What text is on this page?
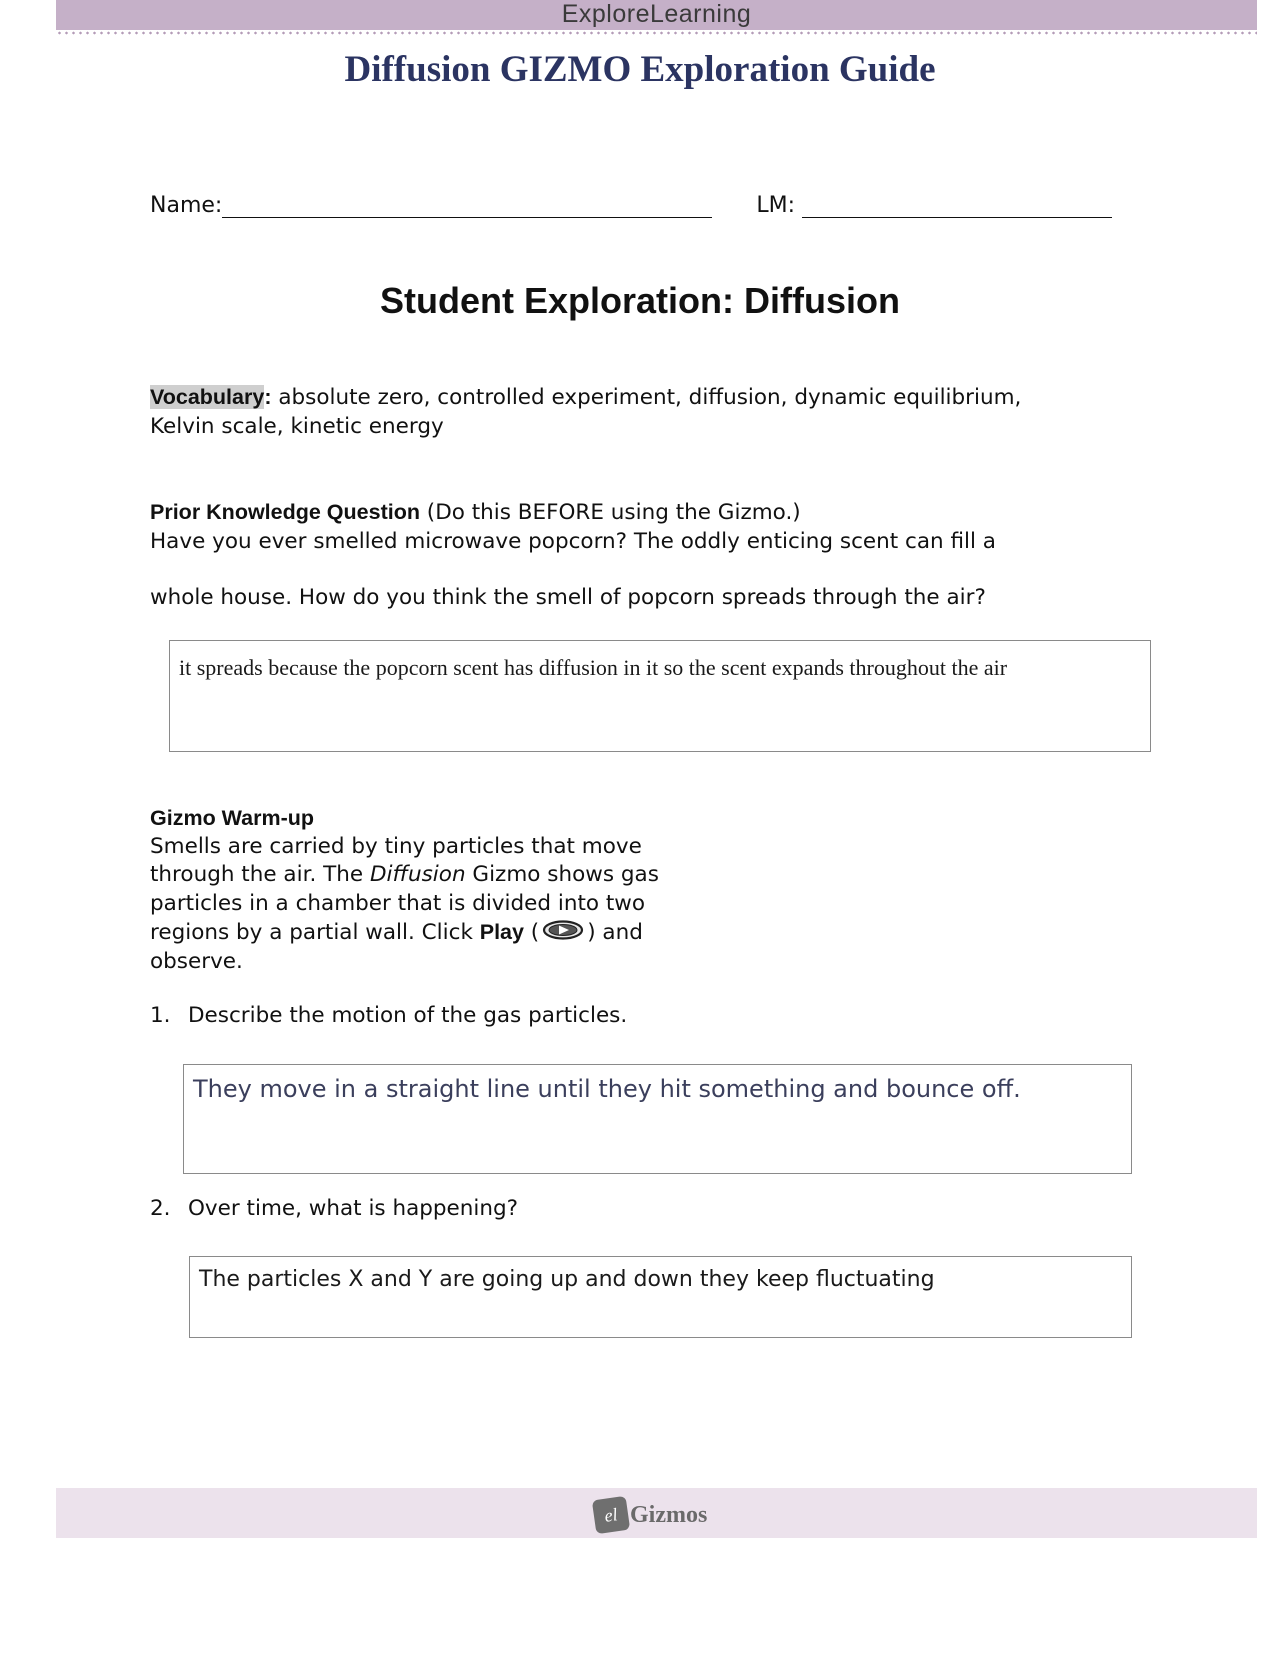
ExploreLearning
Diffusion GIZMO Exploration Guide
Name:	LM:
Student Exploration: Diffusion
Vocabulary: absolute zero, controlled experiment, diffusion, dynamic equilibrium,
Kelvin scale, kinetic energy
Prior Knowledge Question (Do this BEFORE using the Gizmo.)
Have you ever smelled microwave popcorn? The oddly enticing scent can fill a
whole house. How do you think the smell of popcorn spreads through the air?
it spreads because the popcorn scent has diffusion in it so the scent expands throughout the air
Gizmo Warm-up
Smells are carried by tiny particles that move
through the air. The Diffusion Gizmo shows gas
particles in a chamber that is divided into two
regions by a partial wall. Click Play ( ) and
observe.
1. Describe the motion of the gas particles.
They move in a straight line until they hit something and bounce off.
2. Over time, what is happening?
The particles X and Y are going up and down they keep fluctuating
el Gizmos
